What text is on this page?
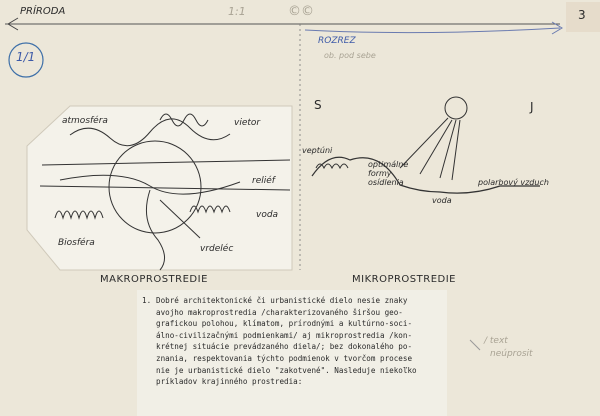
PRÍRODA	1:1	©©	3
1/1
ROZREZ
ob. pod sebe
atmosféra	vietor
reliéf
voda
Biosféra
vrdeléc
MAKROPROSTREDIE
S	J
veptúni
optimálne formy osídlenia
voda
polarbový vzduch
MIKROPROSTREDIE
/ text
neúprosit
1. Dobré architektonické či urbanistické dielo nesie znaky
avojho makroprostredia /charakterizovaného širšou geo-
grafickou polohou, klímatom, prírodnými a kultúrno-soci-
álno-civilizačnými podmienkami/ aj mikroprostredia /kon-
krétnej situácie prevádzaného diela/; bez dokonalého po-
znania, respektovania týchto podmienok v tvorčom procese
nie je urbanistické dielo "zakotvené". Nasleduje niekoľko
príkladov krajinného prostredia:
